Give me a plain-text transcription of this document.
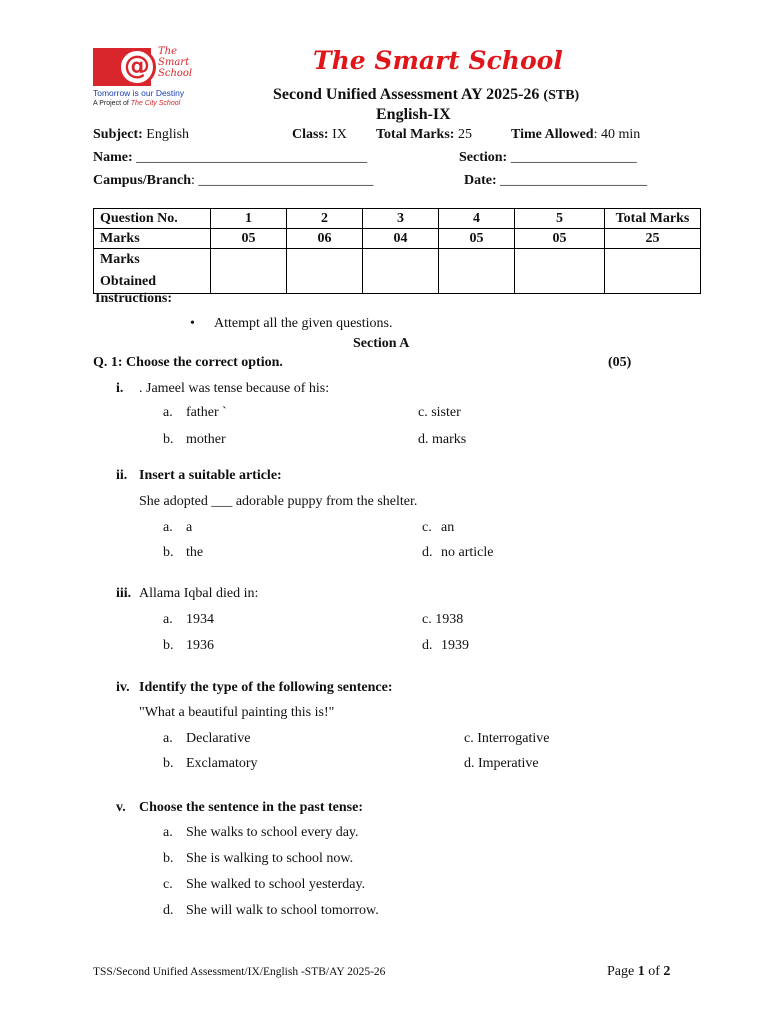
@ The
Smart
School
Tomorrow is our Destiny
A Project of The City School
The Smart School
Second Unified Assessment AY 2025-26 (STB)
English-IX
Subject: English	Class: IX Total Marks: 25	Time Allowed: 40 min
Name: _________________________________	Section: __________________
Campus/Branch: _________________________	Date: _____________________
Question No.	1	2	3	4	5	Total Marks
Marks	05	06	04	05	05	25

Marks
Obtained						

Instructions:
• Attempt all the given questions.
Section A
Q. 1: Choose the correct option.	(05)
i. . Jameel was tense because of his:
a. father `	c. sister
b. mother	d. marks
ii. Insert a suitable article:
She adopted ___ adorable puppy from the shelter.
a. a	c. an
b. the	d. no article
iii. Allama Iqbal died in:
a. 1934	c. 1938
b. 1936	d. 1939
iv. Identify the type of the following sentence:
"What a beautiful painting this is!"
a. Declarative	c. Interrogative
b. Exclamatory	d. Imperative
v. Choose the sentence in the past tense:
a. She walks to school every day.
b. She is walking to school now.
c. She walked to school yesterday.
d. She will walk to school tomorrow.
TSS/Second Unified Assessment/IX/English -STB/AY 2025-26	Page 1 of 2
